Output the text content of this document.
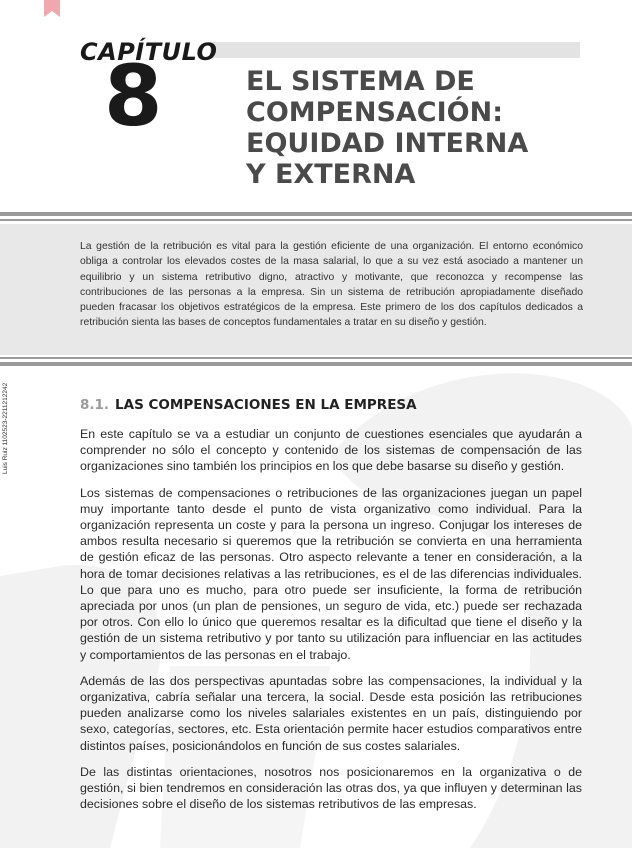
CAPÍTULO
8	EL SISTEMA DE
COMPENSACIÓN:
EQUIDAD INTERNA
Y EXTERNA

La gestión de la retribución es vital para la gestión eficiente de una organización. El entorno económico obliga a controlar los elevados costes de la masa salarial, lo que a su vez está asociado a mantener un equilibrio y un sistema retributivo digno, atractivo y motivante, que reconozca y recompense las contribuciones de las personas a la empresa. Sin un sistema de retribución apropiadamente diseñado pueden fracasar los objetivos estratégicos de la empresa. Este primero de los dos capítulos dedicados a retribución sienta las bases de conceptos fundamentales a tratar en su diseño y gestión.

Luis Ruiz 1102523-2211212242	8.1. LAS COMPENSACIONES EN LA EMPRESA

En este capítulo se va a estudiar un conjunto de cuestiones esenciales que ayudarán a comprender no sólo el concepto y contenido de los sistemas de compensación de las organizaciones sino también los principios en los que debe basarse su diseño y gestión.

Los sistemas de compensaciones o retribuciones de las organizaciones juegan un papel muy importante tanto desde el punto de vista organizativo como individual. Para la organización representa un coste y para la persona un ingreso. Conjugar los intereses de ambos resulta necesario si queremos que la retribución se convierta en una herramienta de gestión eficaz de las personas. Otro aspecto relevante a tener en consideración, a la hora de tomar decisiones relativas a las retribuciones, es el de las diferencias individuales. Lo que para uno es mucho, para otro puede ser insuficiente, la forma de retribución apreciada por unos (un plan de pensiones, un seguro de vida, etc.) puede ser rechazada por otros. Con ello lo único que queremos resaltar es la dificultad que tiene el diseño y la gestión de un sistema retributivo y por tanto su utilización para influenciar en las actitudes y comportamientos de las personas en el trabajo.

Además de las dos perspectivas apuntadas sobre las compensaciones, la individual y la organizativa, cabría señalar una tercera, la social. Desde esta posición las retribuciones pueden analizarse como los niveles salariales existentes en un país, distinguiendo por sexo, categorías, sectores, etc. Esta orientación permite hacer estudios comparativos entre distintos países, posicionándolos en función de sus costes salariales.

De las distintas orientaciones, nosotros nos posicionaremos en la organizativa o de gestión, si bien tendremos en consideración las otras dos, ya que influyen y determinan las decisiones sobre el diseño de los sistemas retributivos de las empresas.
